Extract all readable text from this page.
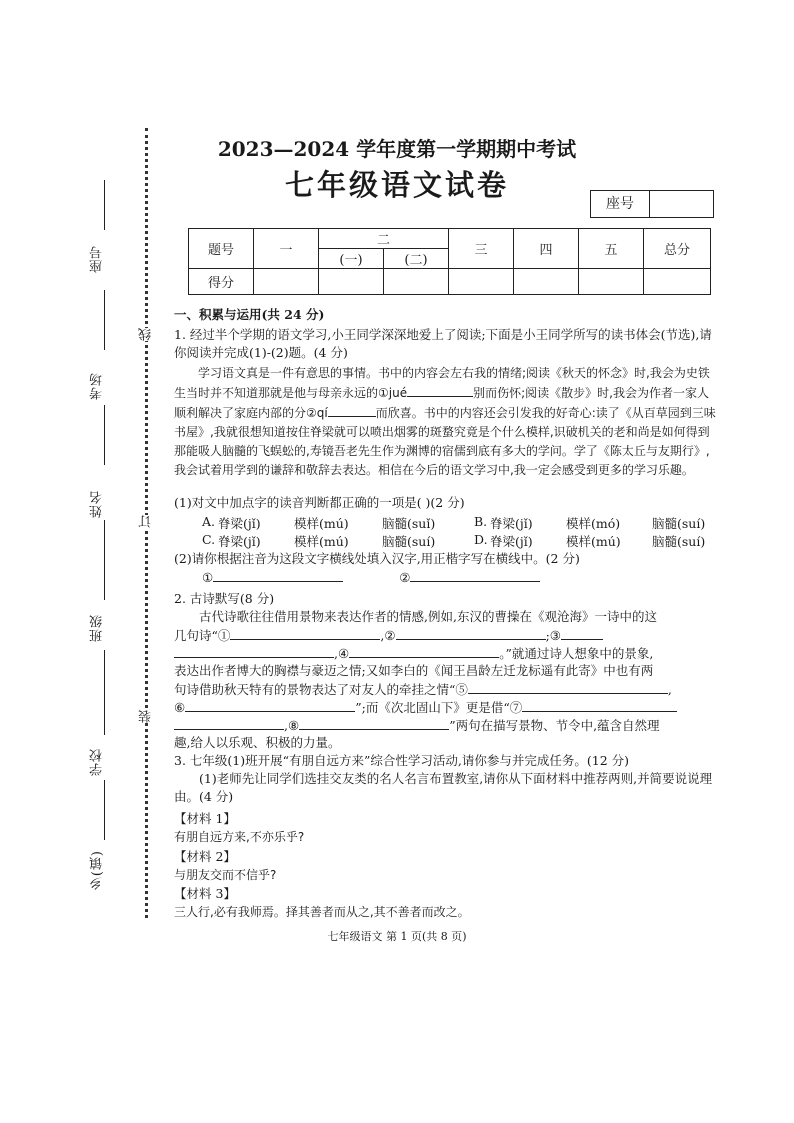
座号
考场
姓名
班级
学校
乡(镇)
线
订
装
2023—2024 学年度第一学期期中考试
七年级语文试卷
座号
题号	一	二		三	四	五	总分
		(一)	(二)				
得分							
一、积累与运用(共 24 分)
1. 经过半个学期的语文学习,小王同学深深地爱上了阅读;下面是小王同学所写的读书体会(节选),请你阅读并完成(1)-(2)题。(4 分)
学习语文真是一件有意思的事情。书中的内容会左右我的情绪;阅读《秋天的怀念》时,我会为史铁生当时并不知道那就是他与母亲永远的①jué	别而伤怀;阅读《散步》时,我会为作者一家人顺利解决了家庭内部的分②qí	而欣喜。书中的内容还会引发我的好奇心:读了《从百草园到三味书屋》,我就很想知道按住脊梁就可以喷出烟雾的斑蝥究竟是个什么模样,识破机关的老和尚是如何得到那能吸人脑髓的飞蜈蚣的,寿镜吾老先生作为渊博的宿儒到底有多大的学问。学了《陈太丘与友期行》,我会试着用学到的谦辞和敬辞去表达。相信在今后的语文学习中,我一定会感受到更多的学习乐趣。
(1)对文中加点字的读音判断都正确的一项是( )(2 分)
A. 脊梁(jǐ)	模样(mú)	脑髓(suǐ)	B. 脊梁(jǐ)	模样(mó)	脑髓(suí)
C. 脊梁(jǐ)	模样(mú)	脑髓(suí)	D. 脊梁(jǐ)	模样(mú)	脑髓(suí)
(2)请你根据注音为这段文字横线处填入汉字,用正楷字写在横线中。(2 分)
①	②
2. 古诗默写(8 分)
古代诗歌往往借用景物来表达作者的情感,例如,东汉的曹操在《观沧海》一诗中的这
几句诗“①	,②	;③
,④	。”就通过诗人想象中的景象,
表达出作者博大的胸襟与豪迈之情;又如李白的《闻王昌龄左迁龙标遥有此寄》中也有两
句诗借助秋天特有的景物表达了对友人的牵挂之情“⑤	,
⑥	”;而《次北固山下》更是借“⑦
,⑧	”两句在描写景物、节令中,蕴含自然理
趣,给人以乐观、积极的力量。
3. 七年级(1)班开展“有朋自远方来”综合性学习活动,请你参与并完成任务。(12 分)
(1)老师先让同学们选挂交友类的名人名言布置教室,请你从下面材料中推荐两则,并简要说说理由。(4 分)
【材料 1】
有朋自远方来,不亦乐乎?
【材料 2】
与朋友交而不信乎?
【材料 3】
三人行,必有我师焉。择其善者而从之,其不善者而改之。
七年级语文 第 1 页(共 8 页)
